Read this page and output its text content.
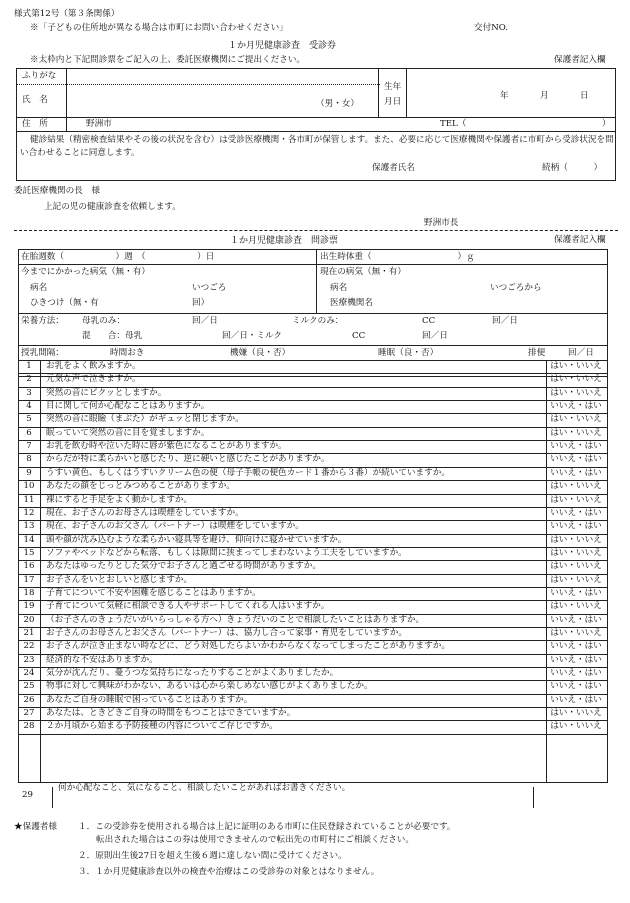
様式第12号（第３条関係）
※「子どもの住所地が異なる場合は市町にお問い合わせください」	交付NO.
１か月児健康診査　受診券
※太枠内と下記問診票をご記入の上、委託医療機関にご提出ください。	保護者記入欄
ふりがな
氏　名	（男・女）
生年
月日
年	月	日
住　所	野洲市	TEL（	）
健診結果（精密検査結果やその後の状況を含む）は受診医療機関・各市町が保管します。また、必要に応じて医療機関や保護者に市町から受診状況を問い合わせることに同意します。
保護者氏名	続柄（　　　）
委託医療機関の長　様
上記の児の健康診査を依頼します。
野洲市長
１か月児健康診査　問診票	保護者記入欄
在胎週数（　　　　　　）週　（　　　　　　）日	出生時体重（　　　　　　　　　　）ｇ
今までにかかった病気（無・有）	現在の病気（無・有）
病名	いつごろ	病名	いつごろから
ひきつけ（無・有	回）	医療機関名
栄養方法： 母乳のみ：	回／日	ミルクのみ：	CC	回／日
混　　合：母乳	回／日・ミルク	CC	回／日
授乳間隔：	時間おき	機嫌（良・否）	睡眠（良・否）	排便	回／日
1	お乳をよく飲みますか。	はい・いいえ
2	元気な声で泣きますか。	はい・いいえ
3	突然の音にビクッとしますか。	はい・いいえ
4	目に関して何か心配なことはありますか。	いいえ・はい
5	突然の音に眼瞼（まぶた）がギュッと閉じますか。	はい・いいえ
6	眠っていて突然の音に目を覚ましますか。	はい・いいえ
7	お乳を飲む時や泣いた時に唇が紫色になることがありますか。	いいえ・はい
8	からだが特に柔らかいと感じたり、逆に硬いと感じたことがありますか。	いいえ・はい
9	うすい黄色、もしくはうすいクリーム色の便（母子手帳の便色カード１番から３番）が続いていますか。	いいえ・はい
10	あなたの顔をじっとみつめることがありますか。	はい・いいえ
11	裸にすると手足をよく動かしますか。	はい・いいえ
12	現在、お子さんのお母さんは喫煙をしていますか。	いいえ・はい
13	現在、お子さんのお父さん（パートナー）は喫煙をしていますか。	いいえ・はい
14	頭や顔が沈み込むような柔らかい寝具等を避け、仰向けに寝かせていますか。	はい・いいえ
15	ソファやベッドなどから転落、もしくは隙間に挟まってしまわないよう工夫をしていますか。	はい・いいえ
16	あなたはゆったりとした気分でお子さんと過ごせる時間がありますか。	はい・いいえ
17	お子さんをいとおしいと感じますか。	はい・いいえ
18	子育てについて不安や困難を感じることはありますか。	いいえ・はい
19	子育てについて気軽に相談できる人やサポートしてくれる人はいますか。	はい・いいえ
20	（お子さんのきょうだいがいらっしゃる方へ）きょうだいのことで相談したいことはありますか。	いいえ・はい
21	お子さんのお母さんとお父さん（パートナー）は、協力し合って家事・育児をしていますか。	はい・いいえ
22	お子さんが泣き止まない時などに、どう対処したらよいかわからなくなってしまったことがありますか。	いいえ・はい
23	経済的な不安はありますか。	いいえ・はい
24	気分が沈んだり、憂うつな気持ちになったりすることがよくありましたか。	いいえ・はい
25	物事に対して興味がわかない、あるいは心から楽しめない感じがよくありましたか。	いいえ・はい
26	あなたご自身の睡眠で困っていることはありますか。	いいえ・はい
27	あなたは、ときどきご自身の時間をもつことはできていますか。	はい・いいえ
28	２か月頃から始まる予防接種の内容についてご存じですか。	はい・いいえ
29
何か心配なこと、気になること、相談したいことがあればお書きください。
★保護者様 １．この受診券を使用される場合は上記に証明のある市町に住民登録されていることが必要です。
転出された場合はこの券は使用できませんので転出先の市町村にご相談ください。
２．原則出生後27日を超え生後６週に達しない間に受けてください。
３．１か月児健康診査以外の検査や治療はこの受診券の対象とはなりません。
